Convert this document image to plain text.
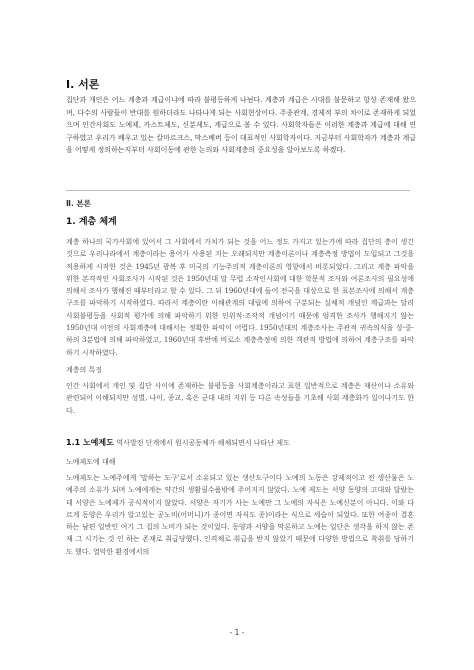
Ⅰ. 서론

집단과 개인은 어느 계층과 계급이냐에 따라 불평등하게 나뉜다. 계층과 계급은 시대를 불문하고 항상 존재해 왔으며, 다수의 사람들이 반대를 원하더라도 나타나게 되는 사회현상이다. 주종관계, 경제적 부의 차이로 존재하게 되었으며 인간사회도 노예제, 카스트제도, 신분제도, 계급으로 볼 수 있다. 사회학자들은 이러한 계층과 계급에 대해 연구하였고 우리가 배우고 있는 칼마르크스, 막스베버 등이 대표적인 사회학자이다. 지금부터 사회학자가 계층과 계급을 어떻게 정의하는지부터 사회이동에 관한 논의와 사회계층의 중요성을 알아보도록 하겠다.

Ⅱ. 본론

1. 계층 체계

계층 하나의 국가사회에 있어서 그 사회에서 가치가 되는 것을 어느 정도 가지고 있는가에 따라 집단의 층이 생긴 것으로 우리나라에서 계층이라는 용어가 사용된 지는 오래되지만 계층이론이나 계층측정 방법이 도입되고 그것을 적용하게 시작한 것은 1945년 광복 후 미국의 기능주의적 계층이론의 영향에서 비롯되었다. 그리고 계층 파악을 위한 본격적인 사회조사가 시작된 것은 1950년대 말 무렵 소작인사회에 대한 학문적 조사와 여론조사의 필요성에 의해서 조사가 행해진 때부터라고 할 수 있다. 그 뒤 1960년대에 들어 전국을 대상으로 한 표본조사에 의해서 계층구조를 파악하기 시작하였다. 따라서 계층이란 이해관계의 대립에 의하여 구분되는 실체적 개념인 계급과는 달리 사회불평등을 사회적 평가에 의해 파악하기 위한 인위적·조작적 개념이기 때문에 엄격한 조사가 행해지기 않는 1950년대 이전의 사회계층에 대해서는 정확한 파악이 어렵다. 1950년대의 계층조사는 주관적 귀속의식을 상·중·하의 3분법에 의해 파악하였고, 1960년대 후반에 비로소 계층측정에 의한 객관적 방법에 의하여 계층구조를 파악하기 시작하였다.

계층의 특징

인간 사회에서 개인 및 집단 사이에 존재하는 불평등을 사회계층이라고 표현 일반적으로 계층은 재산이나 소유와 관련되어 이해되지만 성별, 나이, 종교, 혹은 군대 내의 지위 등 다른 속성들을 기초해 사회 계층화가 일어나기도 한다.

1.1 노예제도 역사발전 단계에서 원시공동체가 해체되면서 나타난 제도

노예제도에 대해

노예제도는 노예주에게 '말하는 도구'로서 소유되고 있는 생산도구이다 노예의 노동은 강제적이고 전 생산물은 노예주의 소유가 되며 노예에게는 약간의 생활필수품밖에 주어지지 않았다. 노예 제도는 서양 동양의 고대와 달랐는데 서양은 노예제가 공식적이지 않았다. 서양은 자기가 사는 노예만 그 노예의 자식은 노예신분이 아니다. 이와 다르게 동양은 우리가 알고있는 공노비(어머니)가 종이면 자식도 종)이라는 식으로 세습이 되었다. 또한 여종이 결혼하는 남편 일반인 여기 그 집의 노비가 되는 것이었다. 동양과 서양을 막론하고 노예는 일단은 생각을 하지 않는 존재 그 시기는 것 인 하는 존재로 취급당했다. 인격체로 취급을 받지 않았기 때문에 다양한 방법으로 착취를 당하기도 했다. 열악한 환경에서의

- 1 -
